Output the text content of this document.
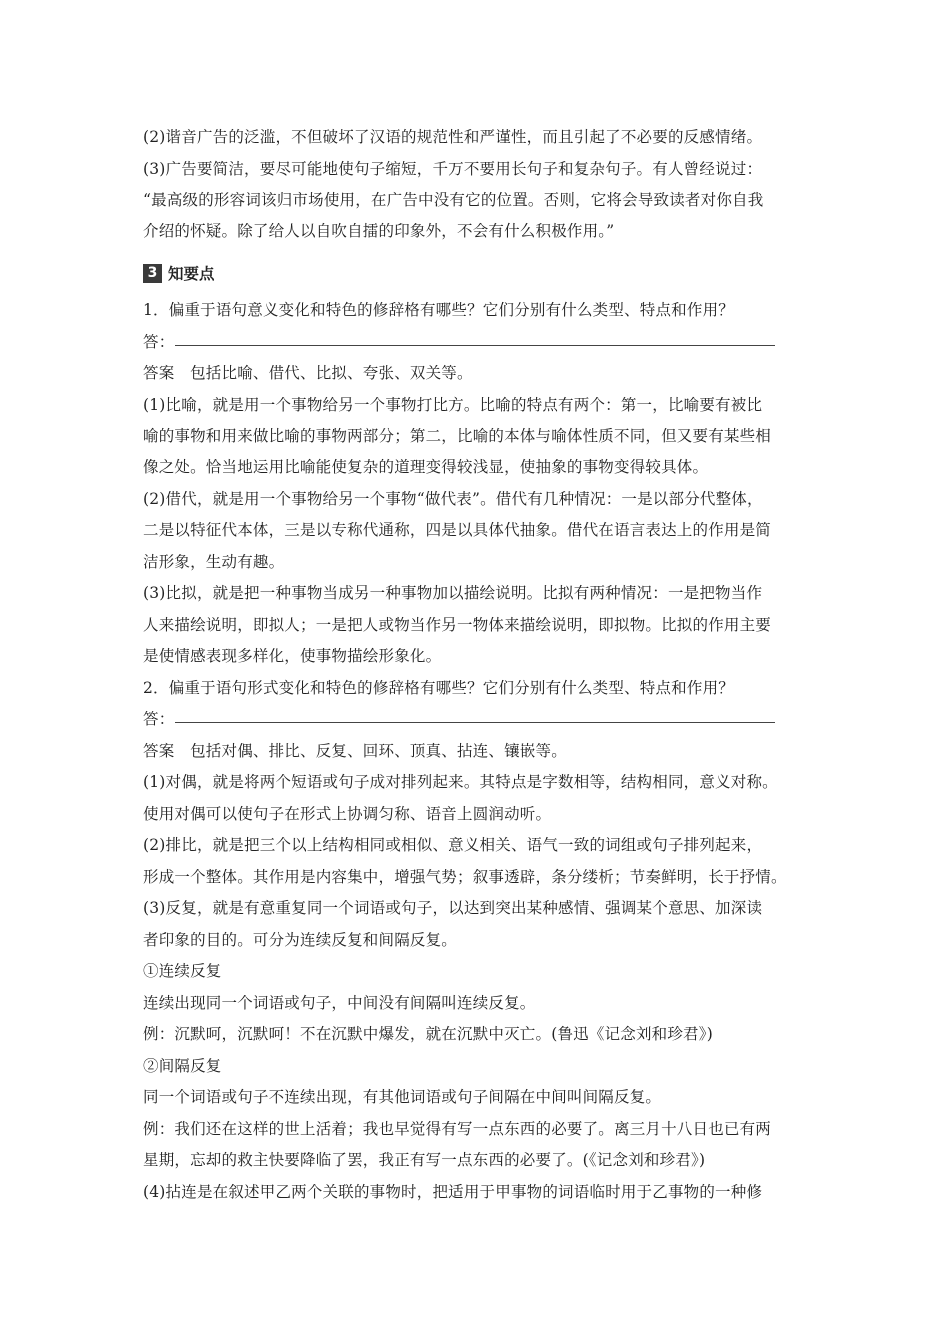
(2)谐音广告的泛滥，不但破坏了汉语的规范性和严谨性，而且引起了不必要的反感情绪。
(3)广告要简洁，要尽可能地使句子缩短，千万不要用长句子和复杂句子。有人曾经说过：
“最高级的形容词该归市场使用，在广告中没有它的位置。否则，它将会导致读者对你自我
介绍的怀疑。除了给人以自吹自擂的印象外，不会有什么积极作用。”
3 知要点
1．偏重于语句意义变化和特色的修辞格有哪些？它们分别有什么类型、特点和作用？
答：
答案　包括比喻、借代、比拟、夸张、双关等。
(1)比喻，就是用一个事物给另一个事物打比方。比喻的特点有两个：第一，比喻要有被比
喻的事物和用来做比喻的事物两部分；第二，比喻的本体与喻体性质不同，但又要有某些相
像之处。恰当地运用比喻能使复杂的道理变得较浅显，使抽象的事物变得较具体。
(2)借代，就是用一个事物给另一个事物“做代表”。借代有几种情况：一是以部分代整体，
二是以特征代本体，三是以专称代通称，四是以具体代抽象。借代在语言表达上的作用是简
洁形象，生动有趣。
(3)比拟，就是把一种事物当成另一种事物加以描绘说明。比拟有两种情况：一是把物当作
人来描绘说明，即拟人；一是把人或物当作另一物体来描绘说明，即拟物。比拟的作用主要
是使情感表现多样化，使事物描绘形象化。
2．偏重于语句形式变化和特色的修辞格有哪些？它们分别有什么类型、特点和作用？
答：
答案　包括对偶、排比、反复、回环、顶真、拈连、镶嵌等。
(1)对偶，就是将两个短语或句子成对排列起来。其特点是字数相等，结构相同，意义对称。
使用对偶可以使句子在形式上协调匀称、语音上圆润动听。
(2)排比，就是把三个以上结构相同或相似、意义相关、语气一致的词组或句子排列起来，
形成一个整体。其作用是内容集中，增强气势；叙事透辟，条分缕析；节奏鲜明，长于抒情。
(3)反复，就是有意重复同一个词语或句子，以达到突出某种感情、强调某个意思、加深读
者印象的目的。可分为连续反复和间隔反复。
①连续反复
连续出现同一个词语或句子，中间没有间隔叫连续反复。
例：沉默呵，沉默呵！不在沉默中爆发，就在沉默中灭亡。(鲁迅《记念刘和珍君》)
②间隔反复
同一个词语或句子不连续出现，有其他词语或句子间隔在中间叫间隔反复。
例：我们还在这样的世上活着；我也早觉得有写一点东西的必要了。离三月十八日也已有两
星期，忘却的救主快要降临了罢，我正有写一点东西的必要了。(《记念刘和珍君》)
(4)拈连是在叙述甲乙两个关联的事物时，把适用于甲事物的词语临时用于乙事物的一种修
